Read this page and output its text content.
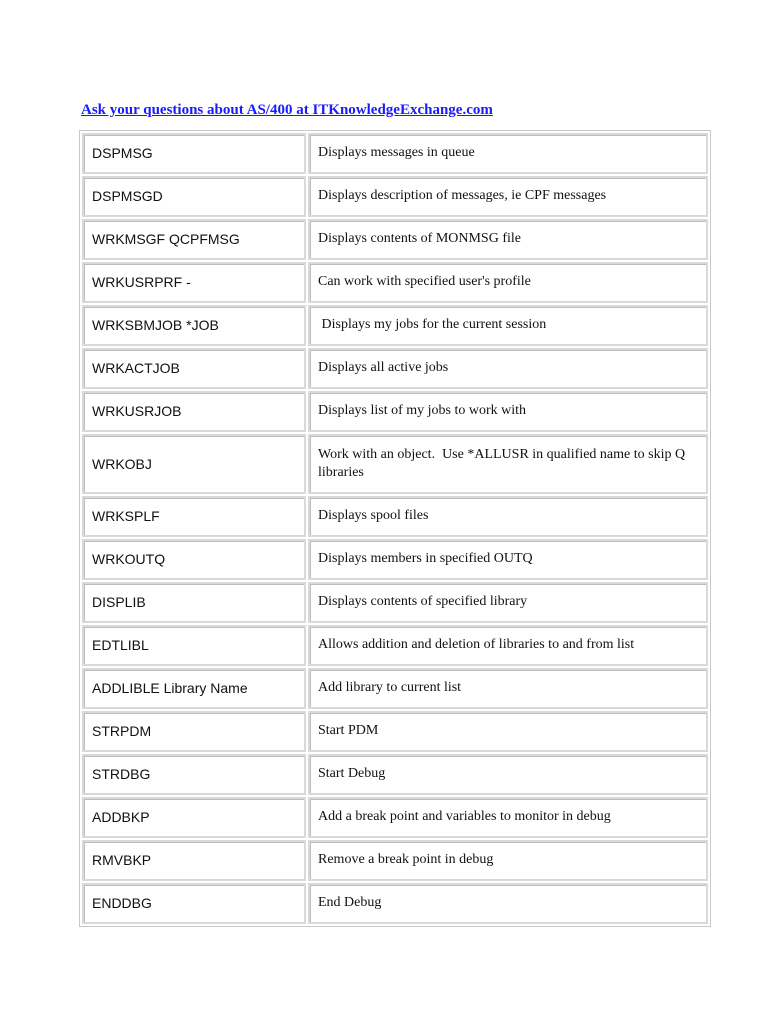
Ask your questions about AS/400 at ITKnowledgeExchange.com
DSPMSG	Displays messages in queue
DSPMSGD	Displays description of messages, ie CPF messages
WRKMSGF QCPFMSG	Displays contents of MONMSG file
WRKUSRPRF -	Can work with specified user's profile
WRKSBMJOB *JOB	Displays my jobs for the current session
WRKACTJOB	Displays all active jobs
WRKUSRJOB	Displays list of my jobs to work with
WRKOBJ	Work with an object.  Use *ALLUSR in qualified name to skip Q libraries
WRKSPLF	Displays spool files
WRKOUTQ	Displays members in specified OUTQ
DISPLIB	Displays contents of specified library
EDTLIBL	Allows addition and deletion of libraries to and from list
ADDLIBLE Library Name	Add library to current list
STRPDM	Start PDM
STRDBG	Start Debug
ADDBKP	Add a break point and variables to monitor in debug
RMVBKP	Remove a break point in debug
ENDDBG	End Debug
